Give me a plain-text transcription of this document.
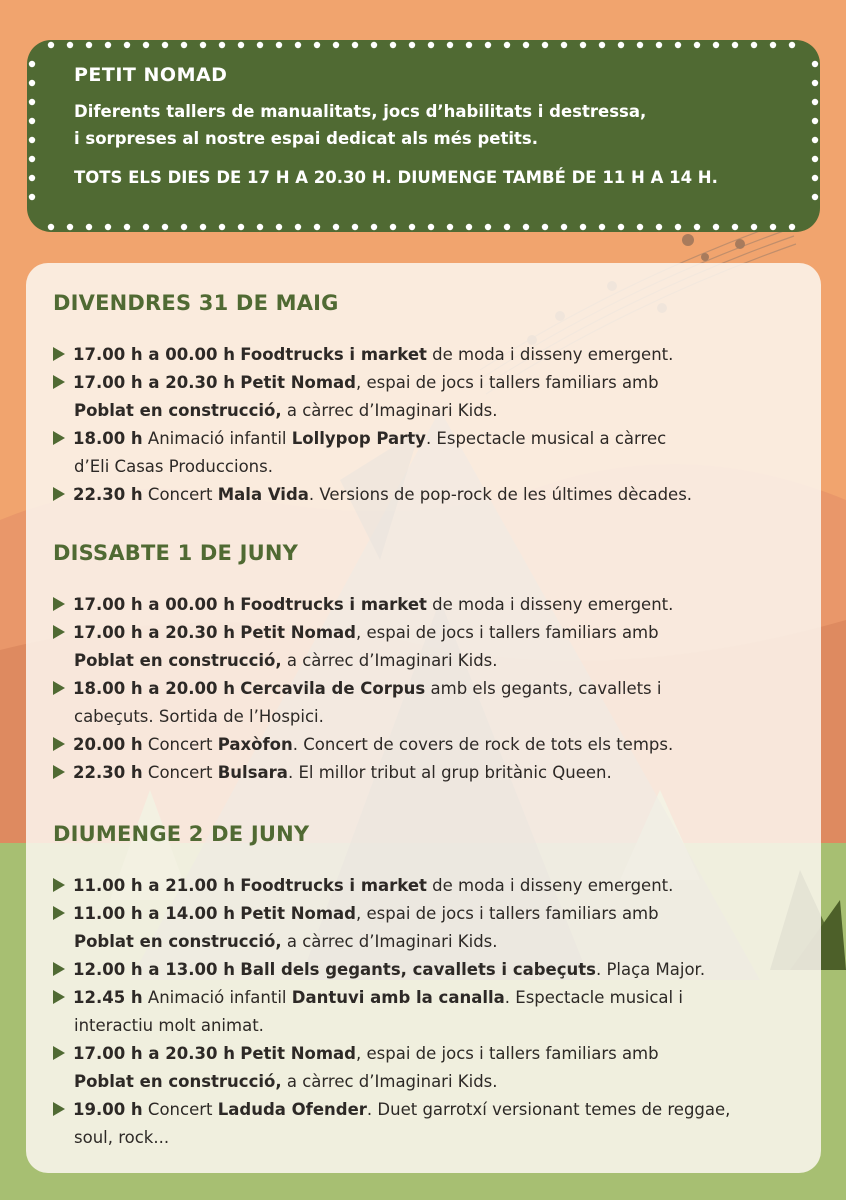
PETIT NOMAD

Diferents tallers de manualitats, jocs d’habilitats i destressa,
i sorpreses al nostre espai dedicat als més petits.

TOTS ELS DIES DE 17 H A 20.30 H. DIUMENGE TAMBÉ DE 11 H A 14 H.
DIVENDRES 31 DE MAIG
17.00 h a 00.00 h Foodtrucks i market de moda i disseny emergent.
17.00 h a 20.30 h Petit Nomad, espai de jocs i tallers familiars amb
Poblat en construcció, a càrrec d’Imaginari Kids.
18.00 h Animació infantil Lollypop Party. Espectacle musical a càrrec
d’Eli Casas Produccions.
22.30 h Concert Mala Vida. Versions de pop-rock de les últimes dècades.
DISSABTE 1 DE JUNY
17.00 h a 00.00 h Foodtrucks i market de moda i disseny emergent.
17.00 h a 20.30 h Petit Nomad, espai de jocs i tallers familiars amb
Poblat en construcció, a càrrec d’Imaginari Kids.
18.00 h a 20.00 h Cercavila de Corpus amb els gegants, cavallets i
cabeçuts. Sortida de l’Hospici.
20.00 h Concert Paxòfon. Concert de covers de rock de tots els temps.
22.30 h Concert Bulsara. El millor tribut al grup britànic Queen.
DIUMENGE 2 DE JUNY
11.00 h a 21.00 h Foodtrucks i market de moda i disseny emergent.
11.00 h a 14.00 h Petit Nomad, espai de jocs i tallers familiars amb
Poblat en construcció, a càrrec d’Imaginari Kids.
12.00 h a 13.00 h Ball dels gegants, cavallets i cabeçuts. Plaça Major.
12.45 h Animació infantil Dantuvi amb la canalla. Espectacle musical i
interactiu molt animat.
17.00 h a 20.30 h Petit Nomad, espai de jocs i tallers familiars amb
Poblat en construcció, a càrrec d’Imaginari Kids.
19.00 h Concert Laduda Ofender. Duet garrotxí versionant temes de reggae,
soul, rock...
